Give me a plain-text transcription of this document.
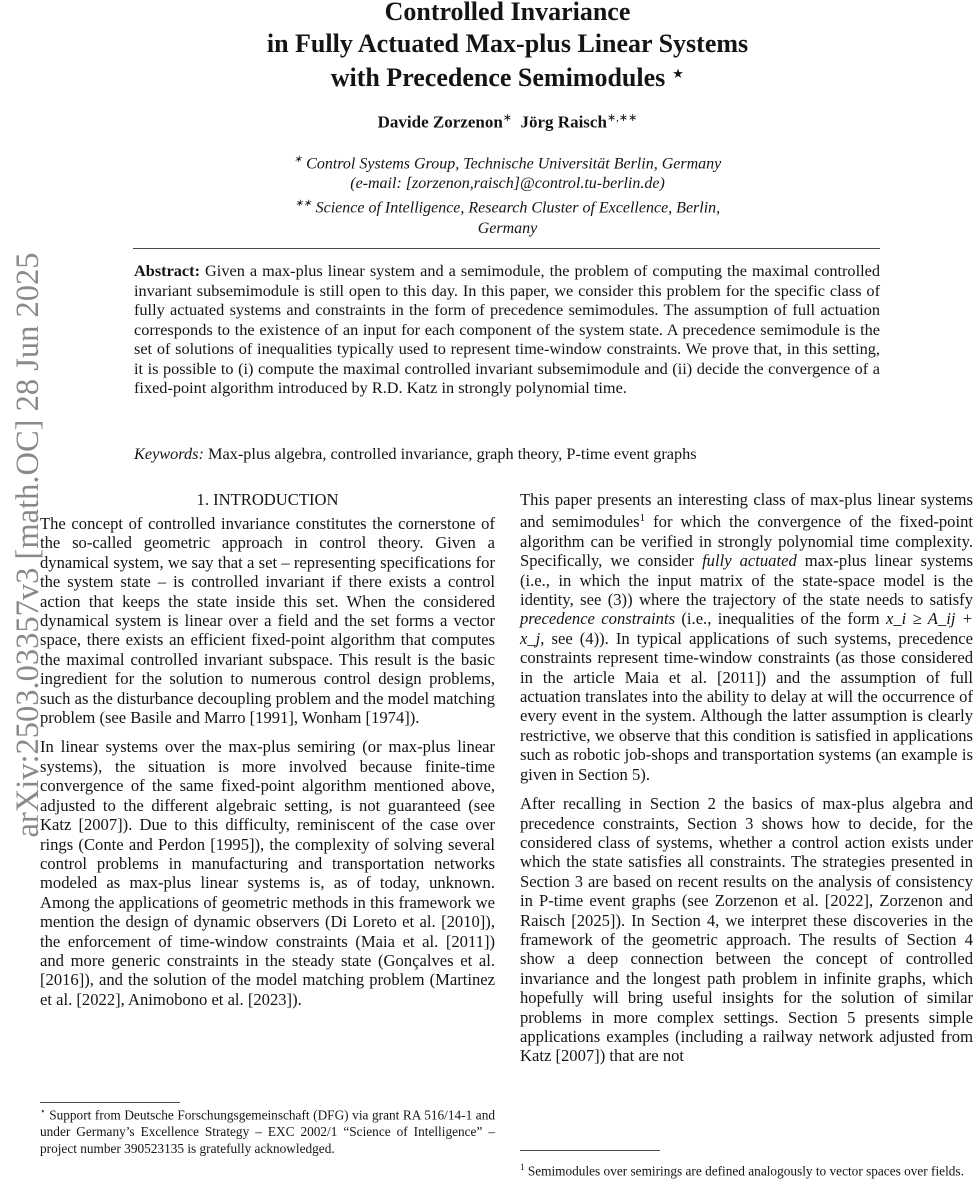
arXiv:2503.03357v3 [math.OC] 28 Jun 2025
Controlled Invariance
in Fully Actuated Max-plus Linear Systems
with Precedence Semimodules ⋆
Davide Zorzenon∗ Jörg Raisch∗,∗∗
∗ Control Systems Group, Technische Universität Berlin, Germany
(e-mail: [zorzenon,raisch]@control.tu-berlin.de)
∗∗ Science of Intelligence, Research Cluster of Excellence, Berlin,
Germany
Abstract: Given a max-plus linear system and a semimodule, the problem of computing the maximal controlled invariant subsemimodule is still open to this day. In this paper, we consider this problem for the specific class of fully actuated systems and constraints in the form of precedence semimodules. The assumption of full actuation corresponds to the existence of an input for each component of the system state. A precedence semimodule is the set of solutions of inequalities typically used to represent time-window constraints. We prove that, in this setting, it is possible to (i) compute the maximal controlled invariant subsemimodule and (ii) decide the convergence of a fixed-point algorithm introduced by R.D. Katz in strongly polynomial time.
Keywords: Max-plus algebra, controlled invariance, graph theory, P-time event graphs
1. INTRODUCTION

The concept of controlled invariance constitutes the cornerstone of the so-called geometric approach in control theory. Given a dynamical system, we say that a set – representing specifications for the system state – is controlled invariant if there exists a control action that keeps the state inside this set. When the considered dynamical system is linear over a field and the set forms a vector space, there exists an efficient fixed-point algorithm that computes the maximal controlled invariant subspace. This result is the basic ingredient for the solution to numerous control design problems, such as the disturbance decoupling problem and the model matching problem (see Basile and Marro [1991], Wonham [1974]).

In linear systems over the max-plus semiring (or max-plus linear systems), the situation is more involved because finite-time convergence of the same fixed-point algorithm mentioned above, adjusted to the different algebraic setting, is not guaranteed (see Katz [2007]). Due to this difficulty, reminiscent of the case over rings (Conte and Perdon [1995]), the complexity of solving several control problems in manufacturing and transportation networks modeled as max-plus linear systems is, as of today, unknown. Among the applications of geometric methods in this framework we mention the design of dynamic observers (Di Loreto et al. [2010]), the enforcement of time-window constraints (Maia et al. [2011]) and more generic constraints in the steady state (Gonçalves et al. [2016]), and the solution of the model matching problem (Martinez et al. [2022], Animobono et al. [2023]).

This paper presents an interesting class of max-plus linear systems and semimodules$^1$ for which the convergence of the fixed-point algorithm can be verified in strongly polynomial time complexity. Specifically, we consider fully actuated max-plus linear systems (i.e., in which the input matrix of the state-space model is the identity, see (3)) where the trajectory of the state needs to satisfy precedence constraints (i.e., inequalities of the form x_i ≥ A_ij + x_j, see (4)). In typical applications of such systems, precedence constraints represent time-window constraints (as those considered in the article Maia et al. [2011]) and the assumption of full actuation translates into the ability to delay at will the occurrence of every event in the system. Although the latter assumption is clearly restrictive, we observe that this condition is satisfied in applications such as robotic job-shops and transportation systems (an example is given in Section 5).

After recalling in Section 2 the basics of max-plus algebra and precedence constraints, Section 3 shows how to decide, for the considered class of systems, whether a control action exists under which the state satisfies all constraints. The strategies presented in Section 3 are based on recent results on the analysis of consistency in P-time event graphs (see Zorzenon et al. [2022], Zorzenon and Raisch [2025]). In Section 4, we interpret these discoveries in the framework of the geometric approach. The results of Section 4 show a deep connection between the concept of controlled invariance and the longest path problem in infinite graphs, which hopefully will bring useful insights for the solution of similar problems in more complex settings. Section 5 presents simple applications examples (including a railway network adjusted from Katz [2007]) that are not

⋆ Support from Deutsche Forschungsgemeinschaft (DFG) via grant RA 516/14-1 and under Germany’s Excellence Strategy – EXC 2002/1 “Science of Intelligence” – project number 390523135 is gratefully acknowledged.
$^1$ Semimodules over semirings are defined analogously to vector spaces over fields.
